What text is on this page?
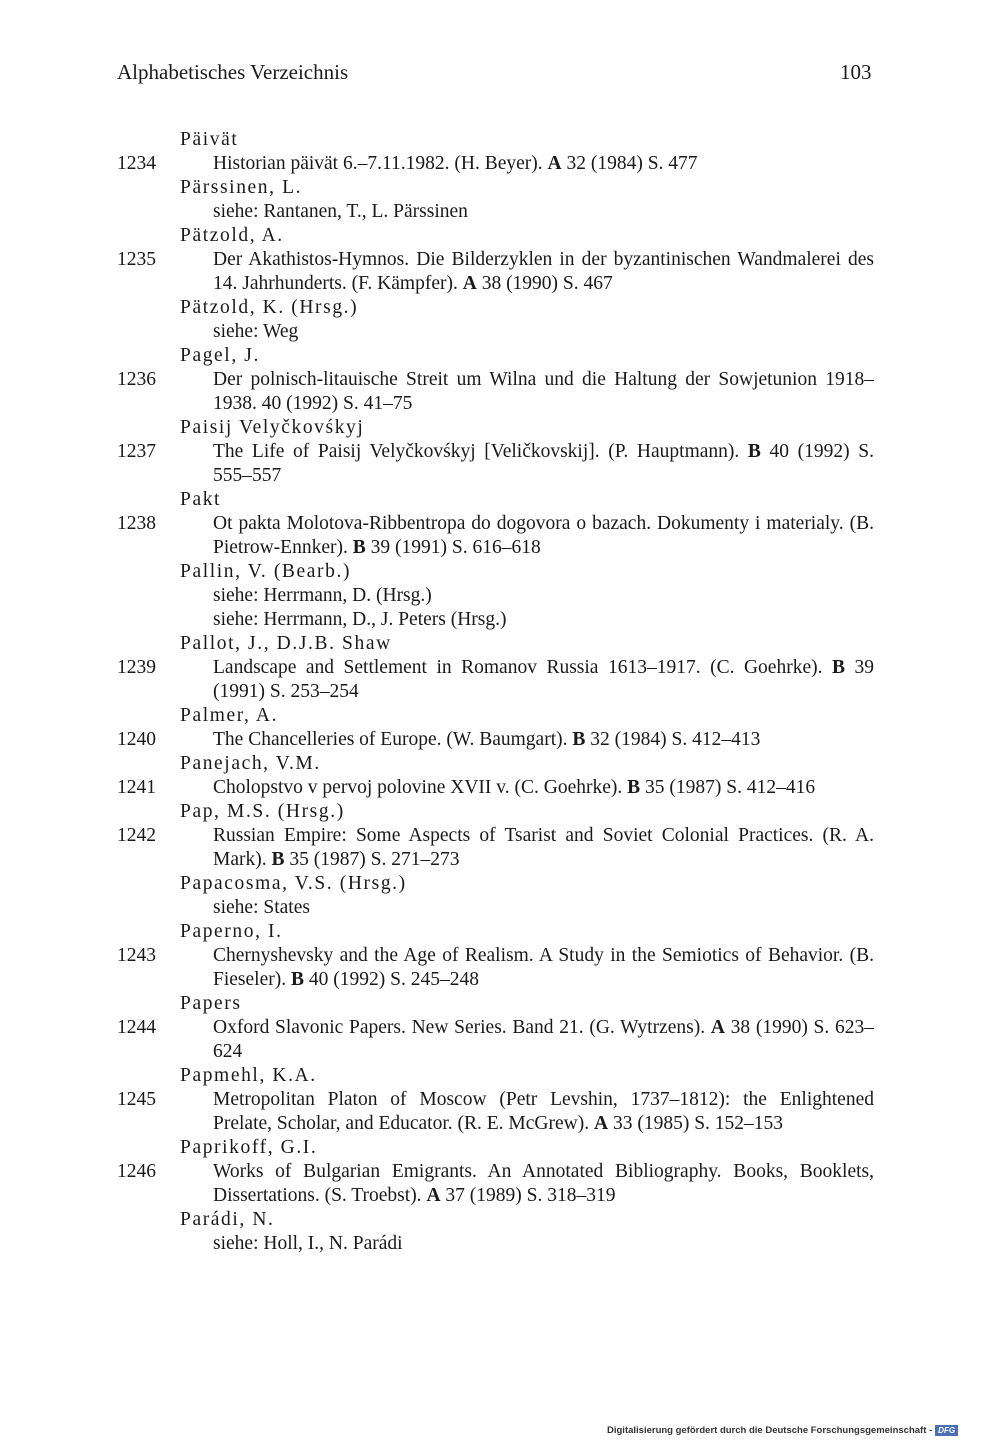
Alphabetisches Verzeichnis	103
Päivät
1234	Historian päivät 6.–7.11.1982. (H. Beyer). A 32 (1984) S. 477
Pärssinen, L.
siehe: Rantanen, T., L. Pärssinen
Pätzold, A.
1235	Der Akathistos-Hymnos. Die Bilderzyklen in der byzantinischen Wandmalerei des 14. Jahrhunderts. (F. Kämpfer). A 38 (1990) S. 467
Pätzold, K. (Hrsg.)
siehe: Weg
Pagel, J.
1236	Der polnisch-litauische Streit um Wilna und die Haltung der Sowjetunion 1918–1938. 40 (1992) S. 41–75
Paisij Velyčkovśkyj
1237	The Life of Paisij Velyčkovśkyj [Veličkovskij]. (P. Hauptmann). B 40 (1992) S. 555–557
Pakt
1238	Ot pakta Molotova-Ribbentropa do dogovora o bazach. Dokumenty i materialy. (B. Pietrow-Ennker). B 39 (1991) S. 616–618
Pallin, V. (Bearb.)
siehe: Herrmann, D. (Hrsg.)
siehe: Herrmann, D., J. Peters (Hrsg.)
Pallot, J., D.J.B. Shaw
1239	Landscape and Settlement in Romanov Russia 1613–1917. (C. Goehrke). B 39 (1991) S. 253–254
Palmer, A.
1240	The Chancelleries of Europe. (W. Baumgart). B 32 (1984) S. 412–413
Panejach, V.M.
1241	Cholopstvo v pervoj polovine XVII v. (C. Goehrke). B 35 (1987) S. 412–416
Pap, M.S. (Hrsg.)
1242	Russian Empire: Some Aspects of Tsarist and Soviet Colonial Practices. (R. A. Mark). B 35 (1987) S. 271–273
Papacosma, V.S. (Hrsg.)
siehe: States
Paperno, I.
1243	Chernyshevsky and the Age of Realism. A Study in the Semiotics of Behavior. (B. Fieseler). B 40 (1992) S. 245–248
Papers
1244	Oxford Slavonic Papers. New Series. Band 21. (G. Wytrzens). A 38 (1990) S. 623–624
Papmehl, K.A.
1245	Metropolitan Platon of Moscow (Petr Levshin, 1737–1812): the Enlightened Prelate, Scholar, and Educator. (R. E. McGrew). A 33 (1985) S. 152–153
Paprikoff, G.I.
1246	Works of Bulgarian Emigrants. An Annotated Bibliography. Books, Booklets, Dissertations. (S. Troebst). A 37 (1989) S. 318–319
Parádi, N.
siehe: Holl, I., N. Parádi
Digitalisierung gefördert durch die Deutsche Forschungsgemeinschaft - DFG
